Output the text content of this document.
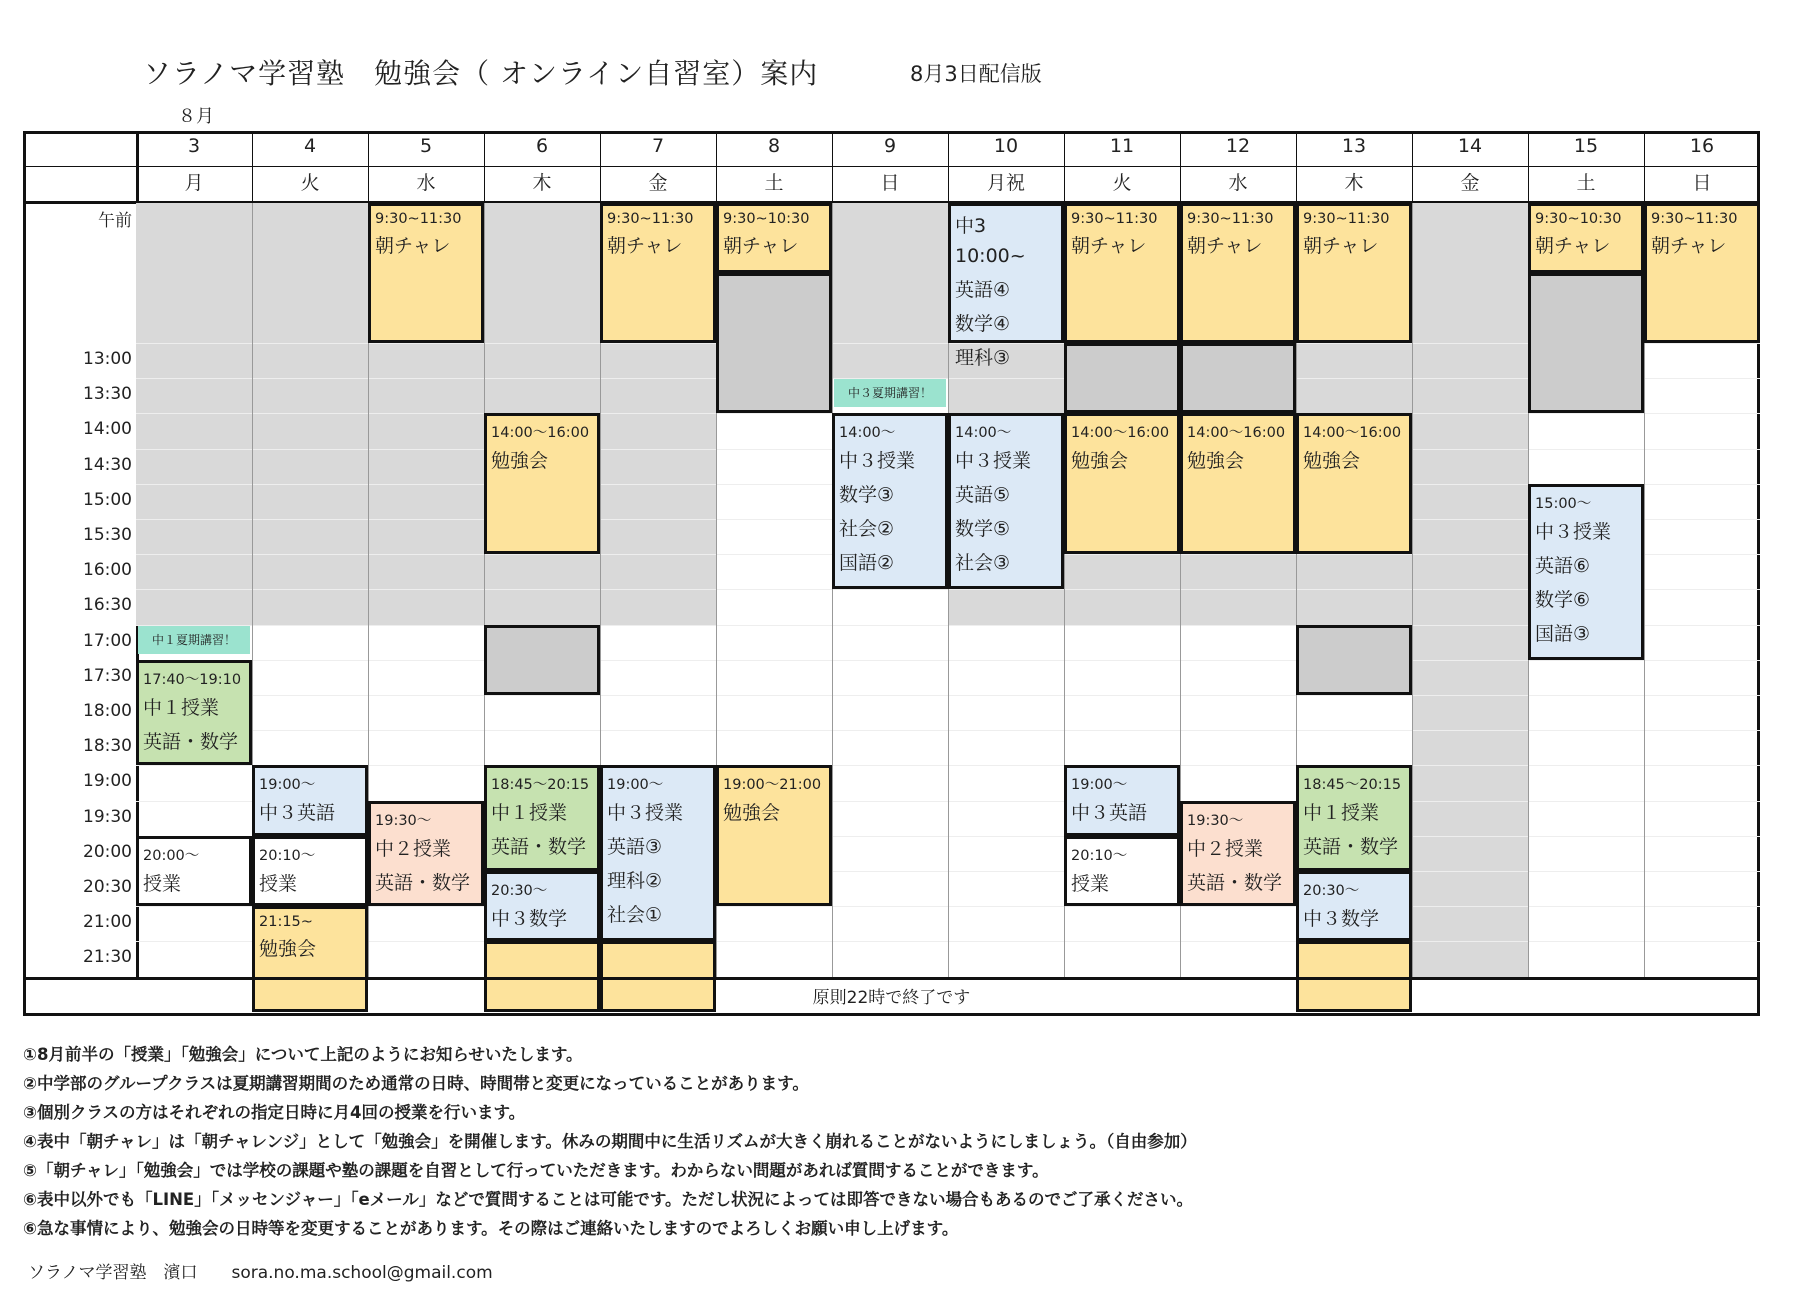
ソラノマ学習塾　勉強会（ オンライン自習室）案内	8月3日配信版
８月
3
月
4
火
5
水
6
木
7
金
8
土
9
日
10
月祝
11
火
12
水
13
木
14
金
15
土
16
日
午前
13:00
13:30
14:00
14:30
15:00
15:30
16:00
16:30
17:00
17:30
18:00
18:30
19:00
19:30
20:00
20:30
21:00
21:30
9:30~11:30
朝チャレ
9:30~11:30
朝チャレ
9:30~11:30
朝チャレ
9:30~11:30
朝チャレ
9:30~11:30
朝チャレ
9:30~10:30
朝チャレ
9:30~10:30
朝チャレ
9:30~11:30
朝チャレ
中3 10:00~
英語④
数学④
理科③
中３夏期講習！
14:00〜16:00
勉強会
14:00〜16:00
勉強会
14:00〜16:00
勉強会
14:00〜16:00
勉強会
14:00〜
中３授業
数学③
社会②
国語②
14:00〜
中３授業
英語⑤
数学⑤
社会③
15:00〜
中３授業
英語⑥
数学⑥
国語③
中１夏期講習！
17:40〜19:10
中１授業
英語・数学
19:00〜
中３英語
19:00〜
中３英語
20:00〜
授業
20:10〜
授業
20:10〜
授業
21:15~
勉強会
19:30〜
中２授業
英語・数学
19:30〜
中２授業
英語・数学
18:45〜20:15
中１授業
英語・数学
18:45〜20:15
中１授業
英語・数学
20:30〜
中３数学
20:30〜
中３数学
19:00〜
中３授業
英語③
理科②
社会①
19:00〜21:00
勉強会
原則22時で終了です
①8月前半の「授業」「勉強会」について上記のようにお知らせいたします。
②中学部のグループクラスは夏期講習期間のため通常の日時、時間帯と変更になっていることがあります。
③個別クラスの方はそれぞれの指定日時に月4回の授業を行います。
④表中「朝チャレ」は「朝チャレンジ」として「勉強会」を開催します。休みの期間中に生活リズムが大きく崩れることがないようにしましょう。（自由参加）
⑤「朝チャレ」「勉強会」では学校の課題や塾の課題を自習として行っていただきます。わからない問題があれば質問することができます。
⑥表中以外でも「LINE」「メッセンジャー」「eメール」などで質問することは可能です。ただし状況によっては即答できない場合もあるのでご了承ください。
⑥急な事情により、勉強会の日時等を変更することがあります。その際はご連絡いたしますのでよろしくお願い申し上げます。
ソラノマ学習塾　濱口　　sora.no.ma.school@gmail.com
